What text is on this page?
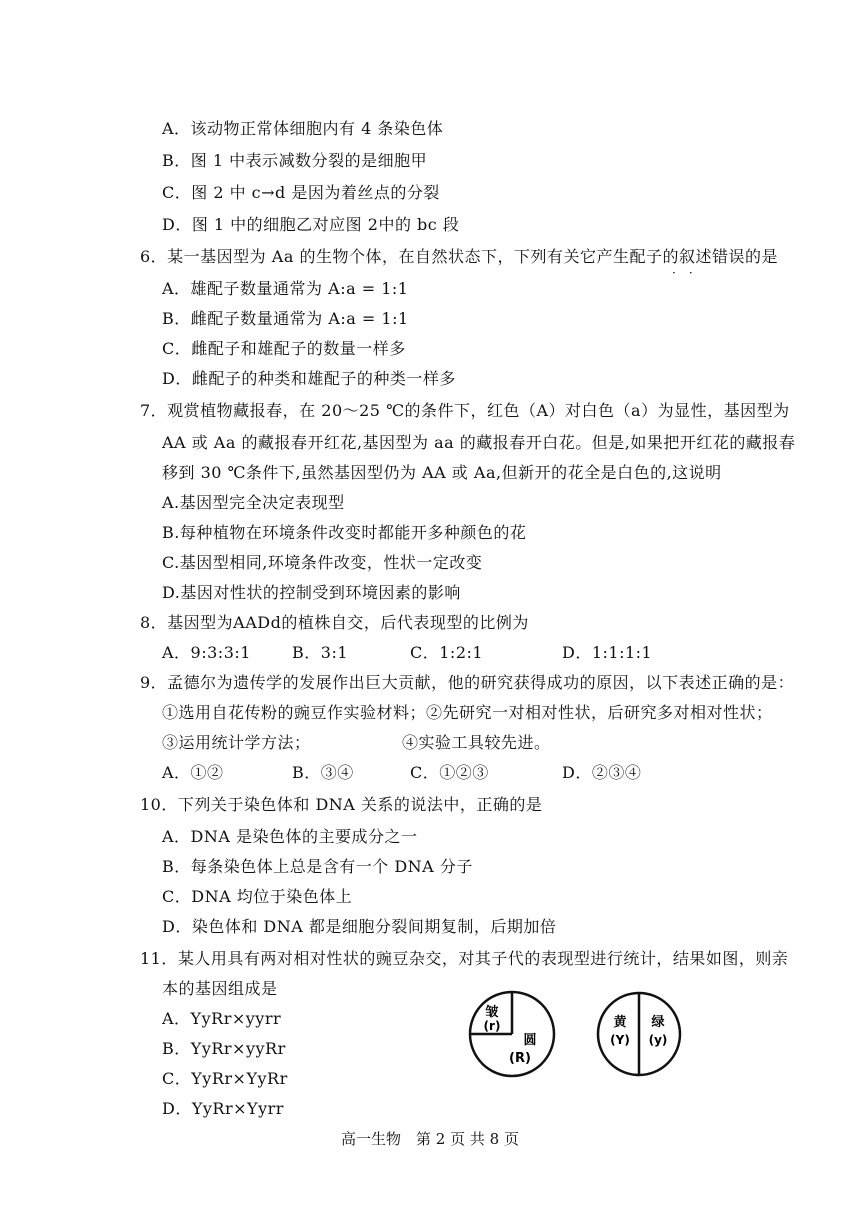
A．该动物正常体细胞内有 4 条染色体
B．图 1 中表示减数分裂的是细胞甲
C．图 2 中 c→d 是因为着丝点的分裂
D．图 1 中的细胞乙对应图 2中的 bc 段
6．某一基因型为 Aa 的生物个体，在自然状态下，下列有关它产生配子的叙述错误的是
·　·
A．雄配子数量通常为 A:a = 1:1
B．雌配子数量通常为 A:a = 1:1
C．雌配子和雄配子的数量一样多
D．雌配子的种类和雄配子的种类一样多
7．观赏植物藏报春，在 20～25 ℃的条件下，红色（A）对白色（a）为显性，基因型为
AA 或 Aa 的藏报春开红花,基因型为 aa 的藏报春开白花。但是,如果把开红花的藏报春
移到 30 ℃条件下,虽然基因型仍为 AA 或 Aa,但新开的花全是白色的,这说明
A.基因型完全决定表现型
B.每种植物在环境条件改变时都能开多种颜色的花
C.基因型相同,环境条件改变，性状一定改变
D.基因对性状的控制受到环境因素的影响
8．基因型为AADd的植株自交，后代表现型的比例为
A．9:3:3:1	B．3:1	C．1:2:1	D．1:1:1:1
9．孟德尔为遗传学的发展作出巨大贡献，他的研究获得成功的原因，以下表述正确的是：
①选用自花传粉的豌豆作实验材料；②先研究一对相对性状，后研究多对相对性状；
③运用统计学方法；	④实验工具较先进。
A．①②	B．③④	C．①②③	D．②③④
10．下列关于染色体和 DNA 关系的说法中，正确的是
A．DNA 是染色体的主要成分之一
B．每条染色体上总是含有一个 DNA 分子
C．DNA 均位于染色体上
D．染色体和 DNA 都是细胞分裂间期复制，后期加倍
11．某人用具有两对相对性状的豌豆杂交，对其子代的表现型进行统计，结果如图，则亲
本的基因组成是
A．YyRr×yyrr
B．YyRr×yyRr
C．YyRr×YyRr
D．YyRr×Yyrr
皱
(r)
圆
(R)
黄
(Y)
绿
(y)
高一生物　第 2 页 共 8 页
